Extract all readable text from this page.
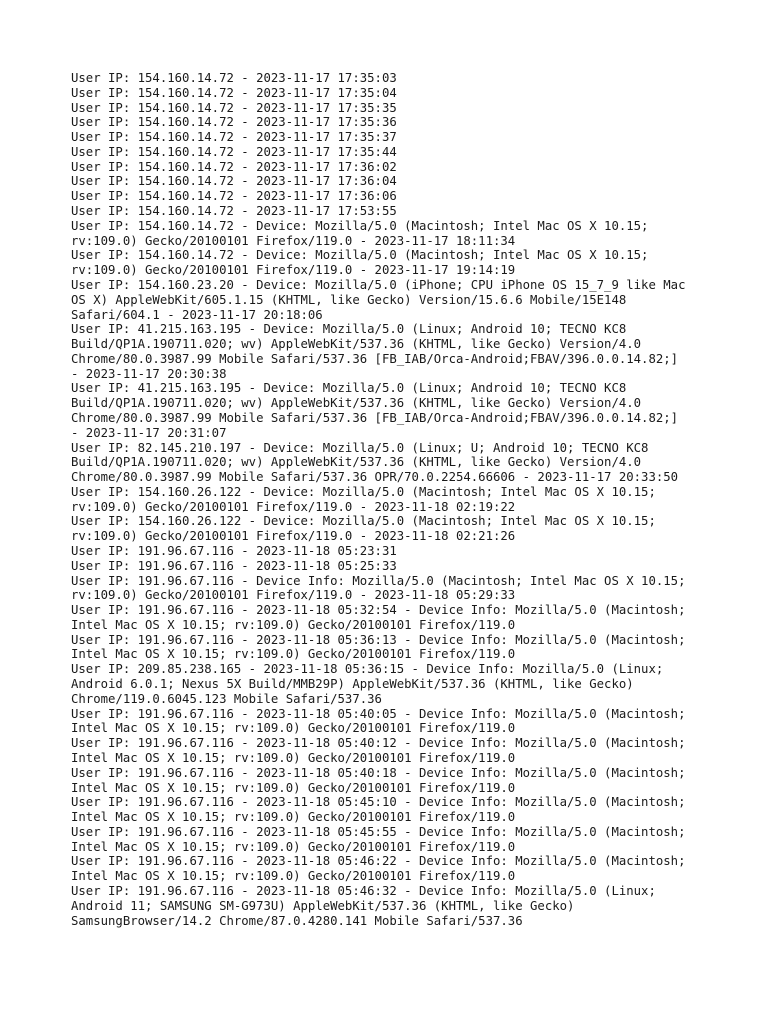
User IP: 154.160.14.72 - 2023-11-17 17:35:03
User IP: 154.160.14.72 - 2023-11-17 17:35:04
User IP: 154.160.14.72 - 2023-11-17 17:35:35
User IP: 154.160.14.72 - 2023-11-17 17:35:36
User IP: 154.160.14.72 - 2023-11-17 17:35:37
User IP: 154.160.14.72 - 2023-11-17 17:35:44
User IP: 154.160.14.72 - 2023-11-17 17:36:02
User IP: 154.160.14.72 - 2023-11-17 17:36:04
User IP: 154.160.14.72 - 2023-11-17 17:36:06
User IP: 154.160.14.72 - 2023-11-17 17:53:55
User IP: 154.160.14.72 - Device: Mozilla/5.0 (Macintosh; Intel Mac OS X 10.15;
rv:109.0) Gecko/20100101 Firefox/119.0 - 2023-11-17 18:11:34
User IP: 154.160.14.72 - Device: Mozilla/5.0 (Macintosh; Intel Mac OS X 10.15;
rv:109.0) Gecko/20100101 Firefox/119.0 - 2023-11-17 19:14:19
User IP: 154.160.23.20 - Device: Mozilla/5.0 (iPhone; CPU iPhone OS 15_7_9 like Mac
OS X) AppleWebKit/605.1.15 (KHTML, like Gecko) Version/15.6.6 Mobile/15E148
Safari/604.1 - 2023-11-17 20:18:06
User IP: 41.215.163.195 - Device: Mozilla/5.0 (Linux; Android 10; TECNO KC8
Build/QP1A.190711.020; wv) AppleWebKit/537.36 (KHTML, like Gecko) Version/4.0
Chrome/80.0.3987.99 Mobile Safari/537.36 [FB_IAB/Orca-Android;FBAV/396.0.0.14.82;]
- 2023-11-17 20:30:38
User IP: 41.215.163.195 - Device: Mozilla/5.0 (Linux; Android 10; TECNO KC8
Build/QP1A.190711.020; wv) AppleWebKit/537.36 (KHTML, like Gecko) Version/4.0
Chrome/80.0.3987.99 Mobile Safari/537.36 [FB_IAB/Orca-Android;FBAV/396.0.0.14.82;]
- 2023-11-17 20:31:07
User IP: 82.145.210.197 - Device: Mozilla/5.0 (Linux; U; Android 10; TECNO KC8
Build/QP1A.190711.020; wv) AppleWebKit/537.36 (KHTML, like Gecko) Version/4.0
Chrome/80.0.3987.99 Mobile Safari/537.36 OPR/70.0.2254.66606 - 2023-11-17 20:33:50
User IP: 154.160.26.122 - Device: Mozilla/5.0 (Macintosh; Intel Mac OS X 10.15;
rv:109.0) Gecko/20100101 Firefox/119.0 - 2023-11-18 02:19:22
User IP: 154.160.26.122 - Device: Mozilla/5.0 (Macintosh; Intel Mac OS X 10.15;
rv:109.0) Gecko/20100101 Firefox/119.0 - 2023-11-18 02:21:26
User IP: 191.96.67.116 - 2023-11-18 05:23:31
User IP: 191.96.67.116 - 2023-11-18 05:25:33
User IP: 191.96.67.116 - Device Info: Mozilla/5.0 (Macintosh; Intel Mac OS X 10.15;
rv:109.0) Gecko/20100101 Firefox/119.0 - 2023-11-18 05:29:33
User IP: 191.96.67.116 - 2023-11-18 05:32:54 - Device Info: Mozilla/5.0 (Macintosh;
Intel Mac OS X 10.15; rv:109.0) Gecko/20100101 Firefox/119.0
User IP: 191.96.67.116 - 2023-11-18 05:36:13 - Device Info: Mozilla/5.0 (Macintosh;
Intel Mac OS X 10.15; rv:109.0) Gecko/20100101 Firefox/119.0
User IP: 209.85.238.165 - 2023-11-18 05:36:15 - Device Info: Mozilla/5.0 (Linux;
Android 6.0.1; Nexus 5X Build/MMB29P) AppleWebKit/537.36 (KHTML, like Gecko)
Chrome/119.0.6045.123 Mobile Safari/537.36
User IP: 191.96.67.116 - 2023-11-18 05:40:05 - Device Info: Mozilla/5.0 (Macintosh;
Intel Mac OS X 10.15; rv:109.0) Gecko/20100101 Firefox/119.0
User IP: 191.96.67.116 - 2023-11-18 05:40:12 - Device Info: Mozilla/5.0 (Macintosh;
Intel Mac OS X 10.15; rv:109.0) Gecko/20100101 Firefox/119.0
User IP: 191.96.67.116 - 2023-11-18 05:40:18 - Device Info: Mozilla/5.0 (Macintosh;
Intel Mac OS X 10.15; rv:109.0) Gecko/20100101 Firefox/119.0
User IP: 191.96.67.116 - 2023-11-18 05:45:10 - Device Info: Mozilla/5.0 (Macintosh;
Intel Mac OS X 10.15; rv:109.0) Gecko/20100101 Firefox/119.0
User IP: 191.96.67.116 - 2023-11-18 05:45:55 - Device Info: Mozilla/5.0 (Macintosh;
Intel Mac OS X 10.15; rv:109.0) Gecko/20100101 Firefox/119.0
User IP: 191.96.67.116 - 2023-11-18 05:46:22 - Device Info: Mozilla/5.0 (Macintosh;
Intel Mac OS X 10.15; rv:109.0) Gecko/20100101 Firefox/119.0
User IP: 191.96.67.116 - 2023-11-18 05:46:32 - Device Info: Mozilla/5.0 (Linux;
Android 11; SAMSUNG SM-G973U) AppleWebKit/537.36 (KHTML, like Gecko)
SamsungBrowser/14.2 Chrome/87.0.4280.141 Mobile Safari/537.36
